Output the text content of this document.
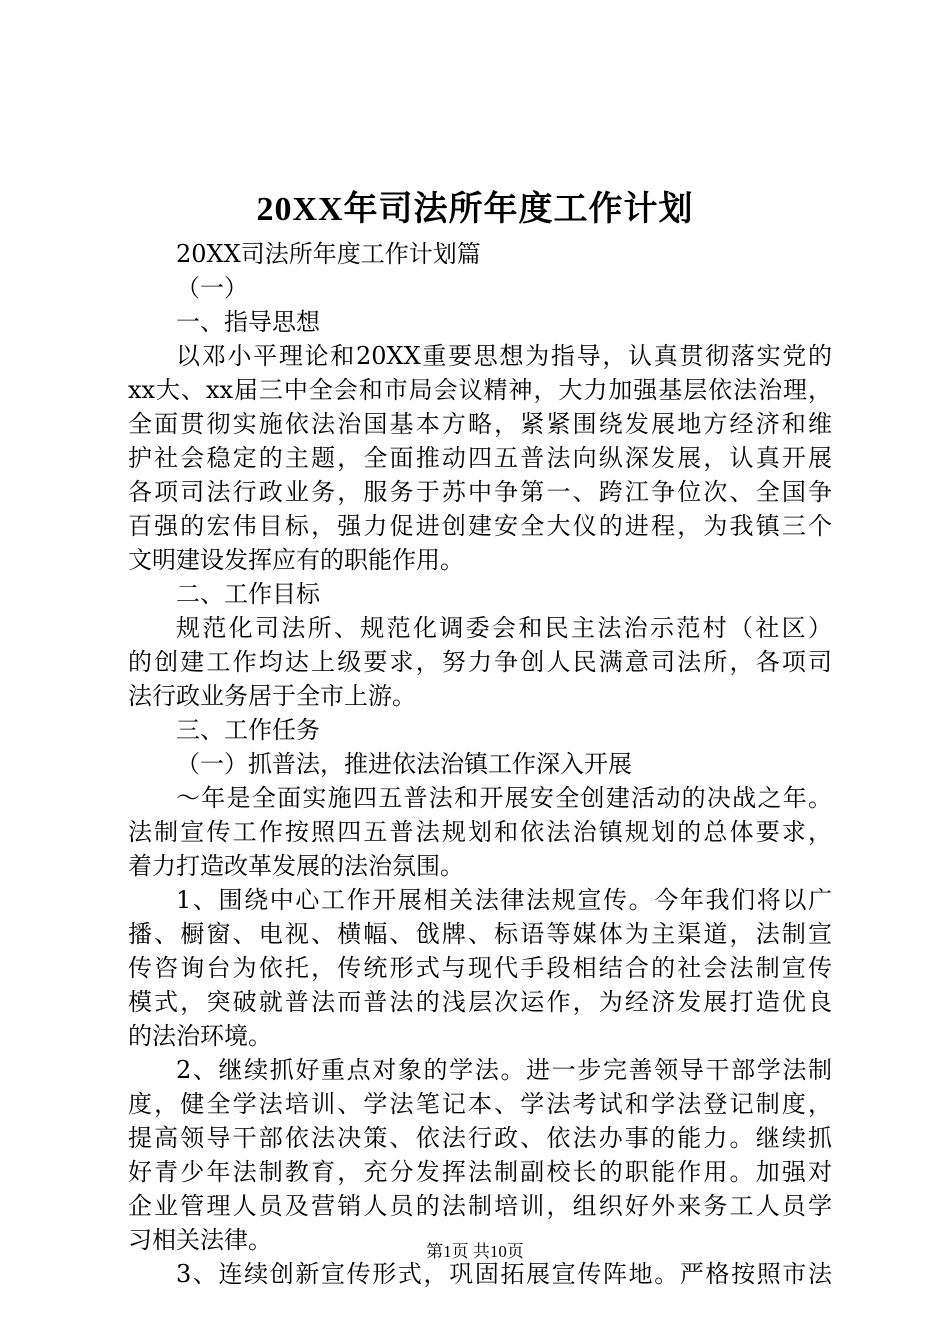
20XX年司法所年度工作计划
20XX司法所年度工作计划篇
（一）
一、指导思想
以邓小平理论和20XX重要思想为指导，认真贯彻落实党的
xx大、xx届三中全会和市局会议精神，大力加强基层依法治理，
全面贯彻实施依法治国基本方略，紧紧围绕发展地方经济和维
护社会稳定的主题，全面推动四五普法向纵深发展，认真开展
各项司法行政业务，服务于苏中争第一、跨江争位次、全国争
百强的宏伟目标，强力促进创建安全大仪的进程，为我镇三个
文明建设发挥应有的职能作用。
二、工作目标
规范化司法所、规范化调委会和民主法治示范村（社区）
的创建工作均达上级要求，努力争创人民满意司法所，各项司
法行政业务居于全市上游。
三、工作任务
（一）抓普法，推进依法治镇工作深入开展
～年是全面实施四五普法和开展安全创建活动的决战之年。
法制宣传工作按照四五普法规划和依法治镇规划的总体要求，
着力打造改革发展的法治氛围。
1、围绕中心工作开展相关法律法规宣传。今年我们将以广
播、橱窗、电视、横幅、戗牌、标语等媒体为主渠道，法制宣
传咨询台为依托，传统形式与现代手段相结合的社会法制宣传
模式，突破就普法而普法的浅层次运作，为经济发展打造优良
的法治环境。
2、继续抓好重点对象的学法。进一步完善领导干部学法制
度，健全学法培训、学法笔记本、学法考试和学法登记制度，
提高领导干部依法决策、依法行政、依法办事的能力。继续抓
好青少年法制教育，充分发挥法制副校长的职能作用。加强对
企业管理人员及营销人员的法制培训，组织好外来务工人员学
习相关法律。
3、连续创新宣传形式，巩固拓展宣传阵地。严格按照市法
第1页 共10页
